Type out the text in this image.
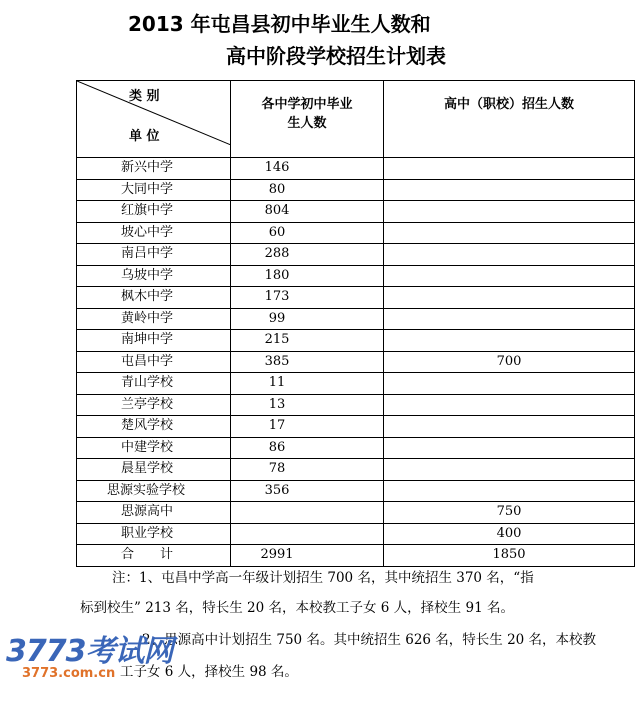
2013 年屯昌县初中毕业生人数和
高中阶段学校招生计划表
类 别
单 位	各中学初中毕业生人数	高中（职校）招生人数
新兴中学	146	
大同中学	80	
红旗中学	804	
坡心中学	60	
南吕中学	288	
乌坡中学	180	
枫木中学	173	
黄岭中学	99	
南坤中学	215	
屯昌中学	385	700
青山学校	11	
兰亭学校	13	
楚风学校	17	
中建学校	86	
晨星学校	78	
思源实验学校	356	
思源高中		750
职业学校		400
合　　计	2991	1850
注：1、屯昌中学高一年级计划招生 700 名，其中统招生 370 名，“指
标到校生” 213 名，特长生 20 名，本校教工子女 6 人，择校生 91 名。
2、思源高中计划招生 750 名。其中统招生 626 名，特长生 20 名，本校教
工子女 6 人，择校生 98 名。
3773考试网
3773.com.cn
